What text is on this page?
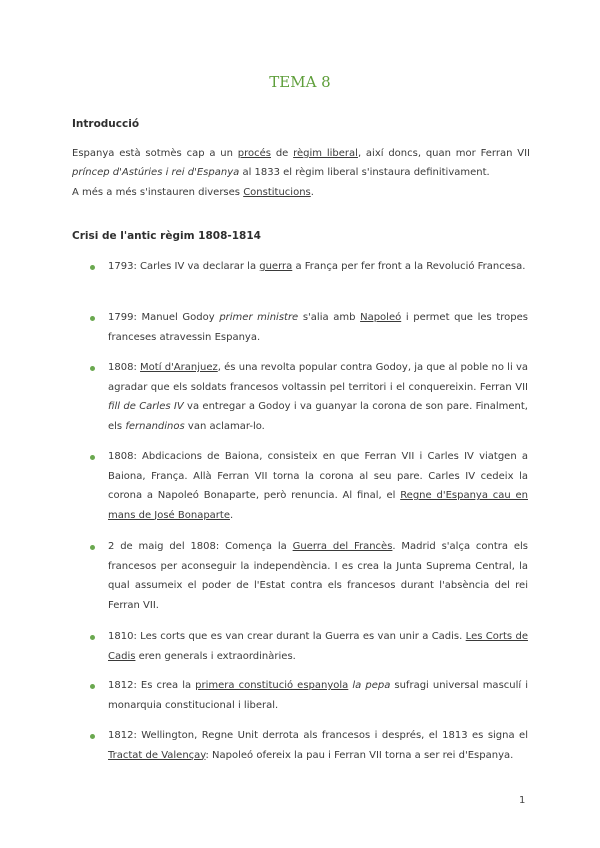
TEMA 8
Introducció
Espanya està sotmès cap a un procés de règim liberal, així doncs, quan mor Ferran VII príncep d'Astúries i rei d'Espanya al 1833 el règim liberal s'instaura definitivament.
A més a més s'instauren diverses Constitucions.
Crisi de l'antic règim 1808-1814
1793: Carles IV va declarar la guerra a França per fer front a la Revolució Francesa.
1799: Manuel Godoy primer ministre s'alia amb Napoleó i permet que les tropes franceses atravessin Espanya.
1808: Motí d'Aranjuez, és una revolta popular contra Godoy, ja que al poble no li va agradar que els soldats francesos voltassin pel territori i el conquereixin. Ferran VII fill de Carles IV va entregar a Godoy i va guanyar la corona de son pare. Finalment, els fernandinos van aclamar-lo.
1808: Abdicacions de Baiona, consisteix en que Ferran VII i Carles IV viatgen a Baiona, França. Allà Ferran VII torna la corona al seu pare. Carles IV cedeix la corona a Napoleó Bonaparte, però renuncia. Al final, el Regne d'Espanya cau en mans de José Bonaparte.
2 de maig del 1808: Comença la Guerra del Francès. Madrid s'alça contra els francesos per aconseguir la independència. I es crea la Junta Suprema Central, la qual assumeix el poder de l'Estat contra els francesos durant l'absència del rei Ferran VII.
1810: Les corts que es van crear durant la Guerra es van unir a Cadis. Les Corts de Cadis eren generals i extraordinàries.
1812: Es crea la primera constitució espanyola la pepa sufragi universal masculí i monarquia constitucional i liberal.
1812: Wellington, Regne Unit derrota als francesos i després, el 1813 es signa el Tractat de Valençay: Napoleó ofereix la pau i Ferran VII torna a ser rei d'Espanya.
1
